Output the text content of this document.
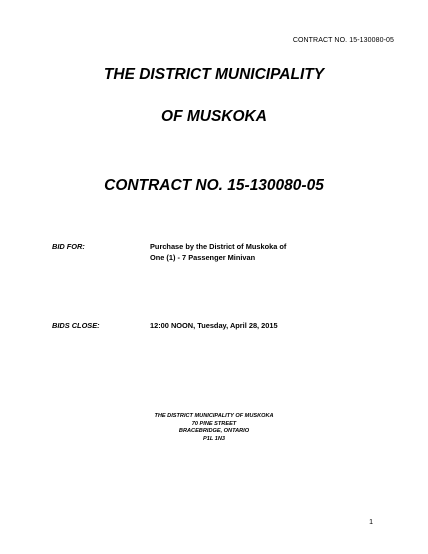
CONTRACT NO. 15-130080-05
THE DISTRICT MUNICIPALITY
OF MUSKOKA
CONTRACT NO. 15-130080-05
BID FOR:	Purchase by the District of Muskoka of
One (1) - 7 Passenger Minivan
BIDS CLOSE:	12:00 NOON, Tuesday, April 28, 2015
THE DISTRICT MUNICIPALITY OF MUSKOKA
70 PINE STREET
BRACEBRIDGE, ONTARIO
P1L 1N3
1
